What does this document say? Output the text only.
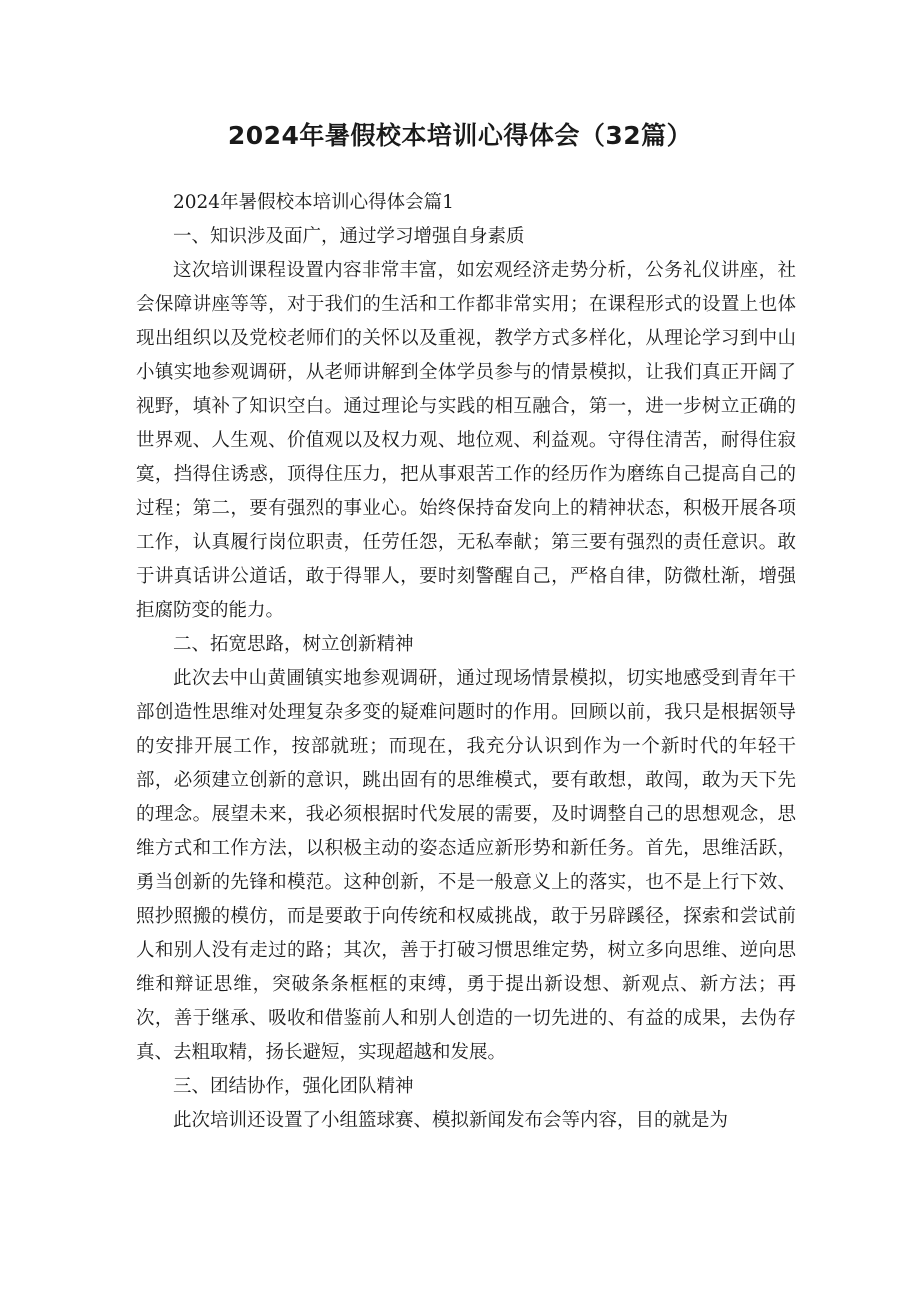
2024年暑假校本培训心得体会（32篇）

2024年暑假校本培训心得体会篇1

一、知识涉及面广，通过学习增强自身素质

这次培训课程设置内容非常丰富，如宏观经济走势分析，公务礼仪讲座，社会保障讲座等等，对于我们的生活和工作都非常实用；在课程形式的设置上也体现出组织以及党校老师们的关怀以及重视，教学方式多样化，从理论学习到中山小镇实地参观调研，从老师讲解到全体学员参与的情景模拟，让我们真正开阔了视野，填补了知识空白。通过理论与实践的相互融合，第一，进一步树立正确的世界观、人生观、价值观以及权力观、地位观、利益观。守得住清苦，耐得住寂寞，挡得住诱惑，顶得住压力，把从事艰苦工作的经历作为磨练自己提高自己的过程；第二，要有强烈的事业心。始终保持奋发向上的精神状态，积极开展各项工作，认真履行岗位职责，任劳任怨，无私奉献；第三要有强烈的责任意识。敢于讲真话讲公道话，敢于得罪人，要时刻警醒自己，严格自律，防微杜渐，增强拒腐防变的能力。

二、拓宽思路，树立创新精神

此次去中山黄圃镇实地参观调研，通过现场情景模拟，切实地感受到青年干部创造性思维对处理复杂多变的疑难问题时的作用。回顾以前，我只是根据领导的安排开展工作，按部就班；而现在，我充分认识到作为一个新时代的年轻干部，必须建立创新的意识，跳出固有的思维模式，要有敢想，敢闯，敢为天下先的理念。展望未来，我必须根据时代发展的需要，及时调整自己的思想观念，思维方式和工作方法，以积极主动的姿态适应新形势和新任务。首先，思维活跃，勇当创新的先锋和模范。这种创新，不是一般意义上的落实，也不是上行下效、照抄照搬的模仿，而是要敢于向传统和权威挑战，敢于另辟蹊径，探索和尝试前人和别人没有走过的路；其次，善于打破习惯思维定势，树立多向思维、逆向思维和辩证思维，突破条条框框的束缚，勇于提出新设想、新观点、新方法；再次，善于继承、吸收和借鉴前人和别人创造的一切先进的、有益的成果，去伪存真、去粗取精，扬长避短，实现超越和发展。

三、团结协作，强化团队精神

此次培训还设置了小组篮球赛、模拟新闻发布会等内容，目的就是为
